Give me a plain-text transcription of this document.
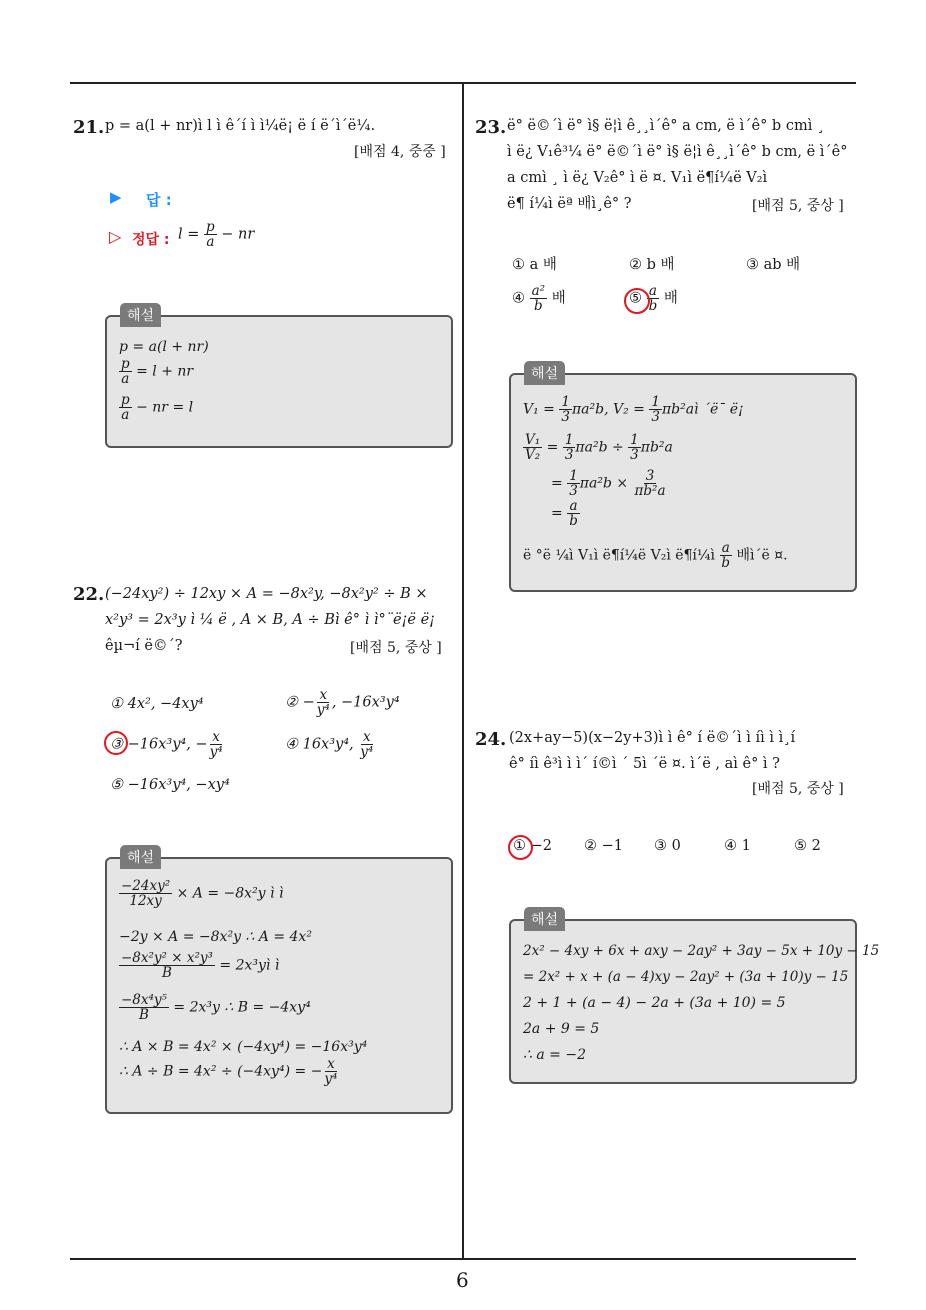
6
21. p = a(l + nr)ì l ì ê´í ì ì¼ë¡ ë í ë´ì´ë¼.
[배점 4, 중중 ]
▶ 답 :
▷ 정답 : $l = \frac{p}{a}$ − nr
p = a(l + nr)
$\frac{p}{a} = l$ + nr
$\frac{p}{a}$ − nr = l
해설
22. (−24xy²) ÷ 12xy × A = −8x²y, −8x²y² ÷ B ×
x²y³ = 2x³y ì ¼ ë , A × B, A ÷ Bì ê° ì ì°¨ë¡ë ë¡
êµ¬í ë©´?	[배점 5, 중상 ]
① 4x², −4xy⁴	② − $\frac{x}{\text{y⁴}}$ , −16x³y⁴
③ −16x³y⁴, − $\frac{x}{\text{y⁴}}$	④ 16x³y⁴, $\frac{x}{\text{y⁴}}$
⑤ −16x³y⁴, −xy⁴
$\frac{\text{−24xy²}}{12xy} \times A = -8x^2y$ ì ì
−2y × A = −8x²y ∴ A = 4x²
$\frac{\text{−8x²y² × x²y³}}{B}$ = 2x³yì ì
$\frac{\text{−8x⁴y⁵}}{B} = 2x^3y$ ∴ B = −4xy⁴
∴ A × B = 4x² × (−4xy⁴) = −16x³y⁴
∴ A ÷ B = 4x² ÷ (−4xy⁴) = − $\frac{x}{\text{y⁴}}$
해설
23. ë° ë©´ì ë° ì§ ë¦ì ê¸¸ì´ê° a cm, ë ì´ê° b cmì ¸
ì ë¿ V₁ê³¼ ë° ë©´ì ë° ì§ ë¦ì ê¸¸ì´ê° b cm, ë ì´ê°
a cmì ¸ ì ë¿ V₂ê° ì ë ¤. V₁ì ë¶í¼ë V₂ì
ë¶ í¼ì ëª 배ì¸ê° ?	[배점 5, 중상 ]
① a 배	② b 배	③ ab 배
④ $\frac{\text{a²}}{b}$ 배	⑤ $\frac{a}{b}$ 배
$V_1 = \frac{1}{3} \pi a^2b$, $V_2 = \frac{1}{3}$ πb²aì ´ë¯ ë¡
$\frac{\text{V₁}}{\text{V₂}} = \frac{1}{3} \pi a^2b \div \frac{1}{3} \pi b^2a$
= $\frac{1}{3} \pi a^2b \times \frac{3}{\text{πb²a}}$
= $\frac{a}{b}$
ë °ë ¼ì V₁ì ë¶í¼ë V₂ì ë¶í¼ì $\frac{a}{b}$ 배ì´ë ¤.
해설
24. (2x+ay−5)(x−2y+3)ì ì ê° í ë©´ì ì íì ì ì¸í
ê° íì ê³ì ì ì´ í©ì ´ 5ì ´ë ¤. ì´ë , aì ê° ì ?
[배점 5, 중상 ]
① −2 ② −1 ③ 0	④ 1	⑤ 2
2x² − 4xy + 6x + axy − 2ay² + 3ay − 5x + 10y − 15
= 2x² + x + (a − 4)xy − 2ay² + (3a + 10)y − 15
2 + 1 + (a − 4) − 2a + (3a + 10) = 5
2a + 9 = 5
∴ a = −2
해설
